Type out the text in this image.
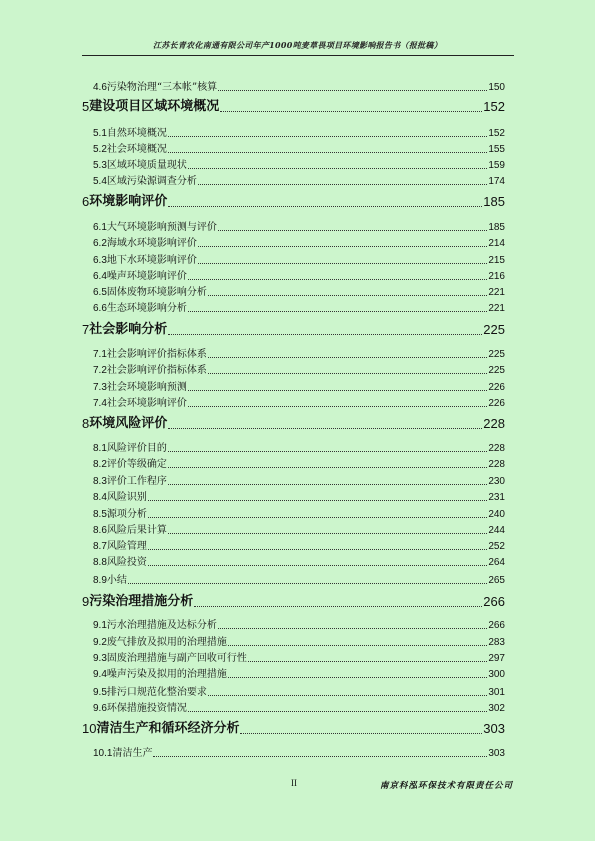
江苏长青农化南通有限公司年产1000吨麦草畏项目环境影响报告书（报批稿）
4.6 污染物治理“三本帐”核算	150
5 建设项目区域环境概况	152
5.1 自然环境概况	152
5.2 社会环境概况	155
5.3 区域环境质量现状	159
5.4 区域污染源调查分析	174
6 环境影响评价	185
6.1 大气环境影响预测与评价	185
6.2 海域水环境影响评价	214
6.3 地下水环境影响评价	215
6.4 噪声环境影响评价	216
6.5 固体废物环境影响分析	221
6.6 生态环境影响分析	221
7 社会影响分析	225
7.1 社会影响评价指标体系	225
7.2 社会影响评价指标体系	225
7.3 社会环境影响预测	226
7.4 社会环境影响评价	226
8 环境风险评价	228
8.1 风险评价目的	228
8.2 评价等级确定	228
8.3 评价工作程序	230
8.4 风险识别	231
8.5 源项分析	240
8.6 风险后果计算	244
8.7 风险管理	252
8.8 风险投资	264
8.9 小结	265
9 污染治理措施分析	266
9.1 污水治理措施及达标分析	266
9.2 废气排放及拟用的治理措施	283
9.3 固废治理措施与副产回收可行性	297
9.4 噪声污染及拟用的治理措施	300
9.5 排污口规范化整治要求	301
9.6 环保措施投资情况	302
10 清洁生产和循环经济分析	303
10.1 清洁生产	303
II	南京科泓环保技术有限责任公司
